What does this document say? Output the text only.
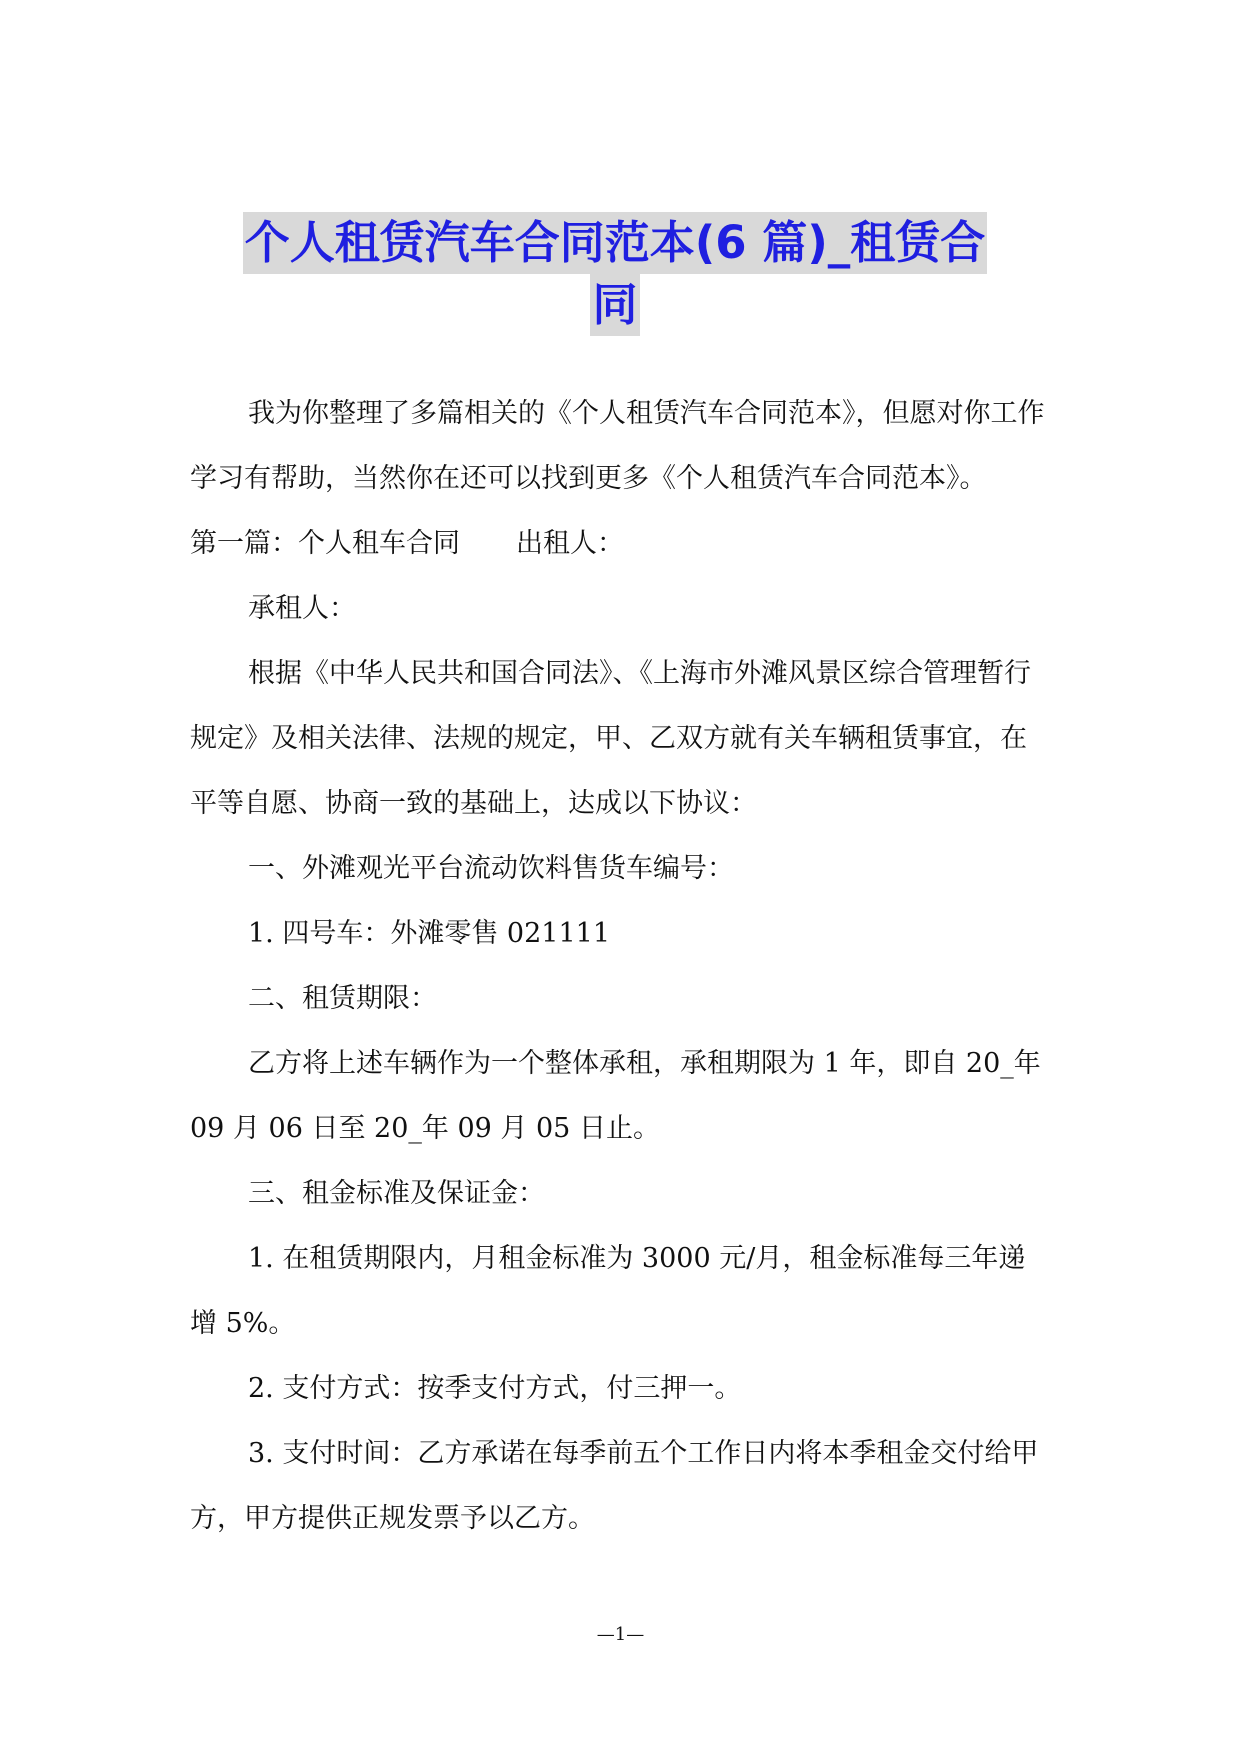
个人租赁汽车合同范本(6 篇)_租赁合
同

我为你整理了多篇相关的《个人租赁汽车合同范本》，但愿对你工作学习有帮助，当然你在还可以找到更多《个人租赁汽车合同范本》。

第一篇：个人租车合同 出租人：

承租人：

根据《中华人民共和国合同法》、《上海市外滩风景区综合管理暂行规定》及相关法律、法规的规定，甲、乙双方就有关车辆租赁事宜，在平等自愿、协商一致的基础上，达成以下协议：

一、外滩观光平台流动饮料售货车编号：

1. 四号车：外滩零售 021111

二、租赁期限：

乙方将上述车辆作为一个整体承租，承租期限为 1 年，即自 20_年 09 月 06 日至 20_年 09 月 05 日止。

三、租金标准及保证金：

1. 在租赁期限内，月租金标准为 3000 元/月，租金标准每三年递增 5%。

2. 支付方式：按季支付方式，付三押一。

3. 支付时间：乙方承诺在每季前五个工作日内将本季租金交付给甲方，甲方提供正规发票予以乙方。

—1—
